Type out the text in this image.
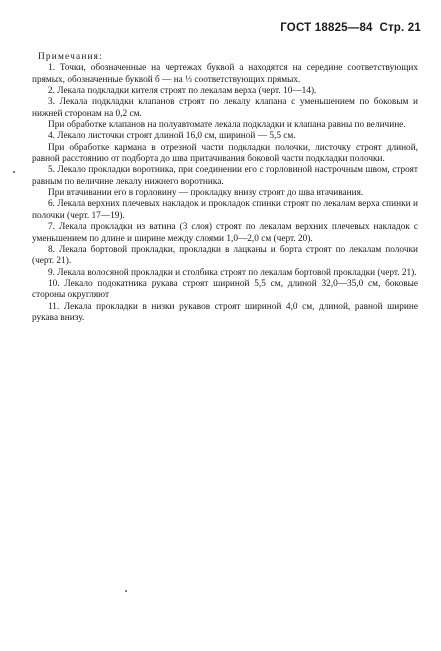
ГОСТ 18825—84 Стр. 21

Примечания:

1. Точки, обозначенные на чертежах буквой а находятся на середине соответствующих прямых, обозначенные буквой б — на ⅓ соответствующих прямых.

2. Лекала подкладки кителя строят по лекалам верха (черт. 10—14).

3. Лекала подкладки клапанов строят по лекалу клапана с уменьшением по боковым и нижней сторонам на 0,2 см.

При обработке клапанов на полуавтомате лекала подкладки и клапана равны по величине.

4. Лекало листочки строят длиной 16,0 см, шириной — 5,5 см.

При обработке кармана в отрезной части подкладки полочки, листочку строят длиной, равной расстоянию от подборта до шва притачивания боковой части подкладки полочки.

5. Лекало прокладки воротника, при соединении его с горловиной настрочным швом, строят равным по величине лекалу нижнего воротника.

При втачивании его в горловину — прокладку внизу строят до шва втачивания.

6. Лекала верхних плечевых накладок и прокладок спинки строят по лекалам верха спинки и полочки (черт. 17—19).

7. Лекала прокладки из ватина (3 слоя) строят по лекалам верхних плечевых накладок с уменьшением по длине и ширине между слоями 1,0—2,0 см (черт. 20).

8. Лекала бортовой прокладки, прокладки в лацканы и борта строят по лекалам полочки (черт. 21).

9. Лекала волосяной прокладки и столбика строят по лекалам бортовой прокладки (черт. 21).

10. Лекало подокатника рукава строят шириной 5,5 см, длиной 32,0—35,0 см, боковые стороны округляют

11. Лекала прокладки в низки рукавов строят шириной 4,0 см, длиной, равной ширине рукава внизу.
